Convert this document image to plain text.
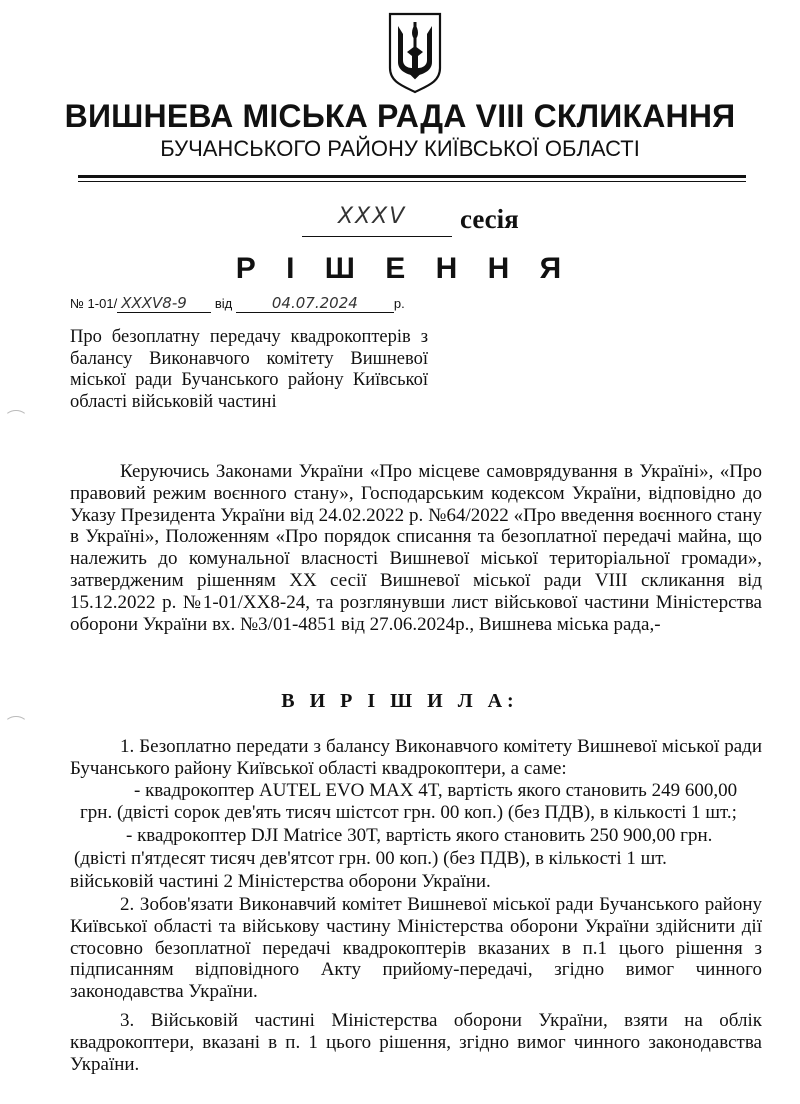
ВИШНЕВА МІСЬКА РАДА VIII СКЛИКАННЯ
БУЧАНСЬКОГО РАЙОНУ КИЇВСЬКОЇ ОБЛАСТІ
XXXV сесія
Р І Ш Е Н Н Я
№ 1-01/ XXXV8-9 від	04.07.2024	р.
Про безоплатну передачу квадрокоптерів з балансу Виконавчого комітету Вишневої міської ради Бучанського району Київської області військовій частині
Керуючись Законами України «Про місцеве самоврядування в Україні», «Про правовий режим воєнного стану», Господарським кодексом України, відповідно до Указу Президента України від 24.02.2022 р. №64/2022 «Про введення воєнного стану в Україні», Положенням «Про порядок списання та безоплатної передачі майна, що належить до комунальної власності Вишневої міської територіальної громади», затвердженим рішенням XX сесії Вишневої міської ради VIII скликання від 15.12.2022 р. №1-01/XX8-24, та розглянувши лист військової частини Міністерства оборони України вх. №3/01-4851 від 27.06.2024р., Вишнева міська рада,-
В И Р І Ш И Л А:
1. Безоплатно передати з балансу Виконавчого комітету Вишневої міської ради Бучанського району Київської області квадрокоптери, а саме:
- квадрокоптер AUTEL EVO MAX 4T, вартість якого становить 249 600,00
грн. (двісті сорок дев'ять тисяч шістсот грн. 00 коп.) (без ПДВ), в кількості 1 шт.;
- квадрокоптер DJI Matrice 30T, вартість якого становить 250 900,00 грн.
(двісті п'ятдесят тисяч дев'ятсот грн. 00 коп.) (без ПДВ), в кількості 1 шт.
військовій частині 2 Міністерства оборони України.
2. Зобов'язати Виконавчий комітет Вишневої міської ради Бучанського району Київської області та військову частину Міністерства оборони України здійснити дії стосовно безоплатної передачі квадрокоптерів вказаних в п.1 цього рішення з підписанням відповідного Акту прийому-передачі, згідно вимог чинного законодавства України.
3. Військовій частині Міністерства оборони України, взяти на облік квадрокоптери, вказані в п. 1 цього рішення, згідно вимог чинного законодавства України.
